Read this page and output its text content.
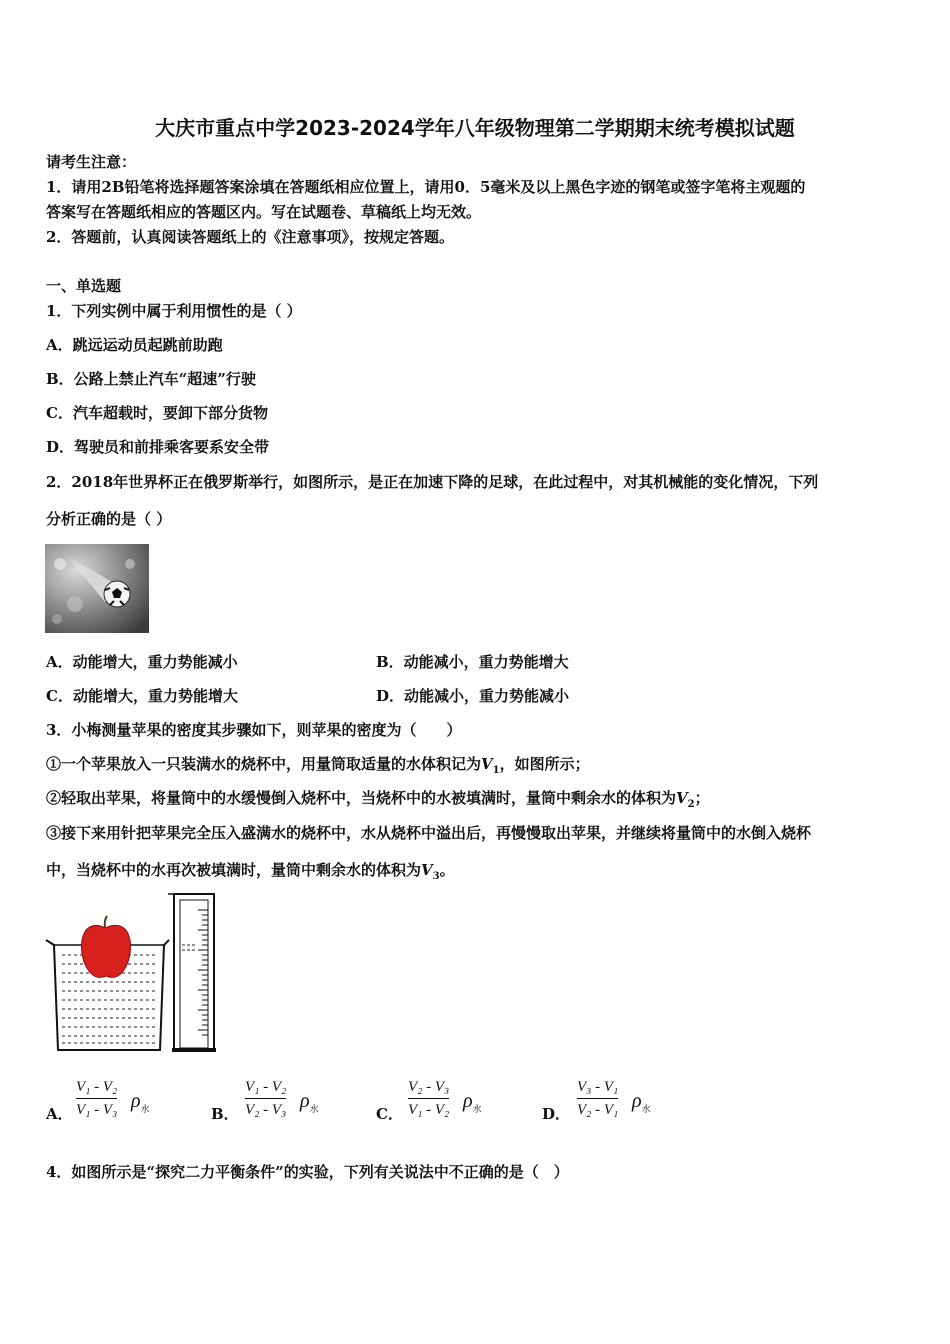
大庆市重点中学2023-2024学年八年级物理第二学期期末统考模拟试题
请考生注意：
1．请用2B铅笔将选择题答案涂填在答题纸相应位置上，请用0．5毫米及以上黑色字迹的钢笔或签字笔将主观题的
答案写在答题纸相应的答题区内。写在试题卷、草稿纸上均无效。
2．答题前，认真阅读答题纸上的《注意事项》，按规定答题。
一、单选题
1．下列实例中属于利用惯性的是（ ）
A．跳远运动员起跳前助跑
B．公路上禁止汽车“超速”行驶
C．汽车超载时，要卸下部分货物
D．驾驶员和前排乘客要系安全带
2．2018年世界杯正在俄罗斯举行，如图所示，是正在加速下降的足球，在此过程中，对其机械能的变化情况，下列
分析正确的是（ ）
A．动能增大，重力势能减小	B．动能减小，重力势能增大
C．动能增大，重力势能增大	D．动能减小，重力势能减小
3．小梅测量苹果的密度其步骤如下，则苹果的密度为（　　）
①一个苹果放入一只装满水的烧杯中，用量筒取适量的水体积记为$V_1$，如图所示；
②轻取出苹果，将量筒中的水缓慢倒入烧杯中，当烧杯中的水被填满时，量筒中剩余水的体积为$V_2$；
③接下来用针把苹果完全压入盛满水的烧杯中，水从烧杯中溢出后，再慢慢取出苹果，并继续将量筒中的水倒入烧杯
中，当烧杯中的水再次被填满时，量筒中剩余水的体积为$V_3$。
A．
V₁ - V₂
V₁ - V₃ $\rho_水$	B．
V₁ - V₂
V₂ - V₃ $\rho_水$	C．
V₂ - V₃
V₁ - V₂ $\rho_水$	D．
V₃ - V₁
V₂ - V₁ $\rho_水$
4．如图所示是“探究二力平衡条件”的实验，下列有关说法中不正确的是（　）
